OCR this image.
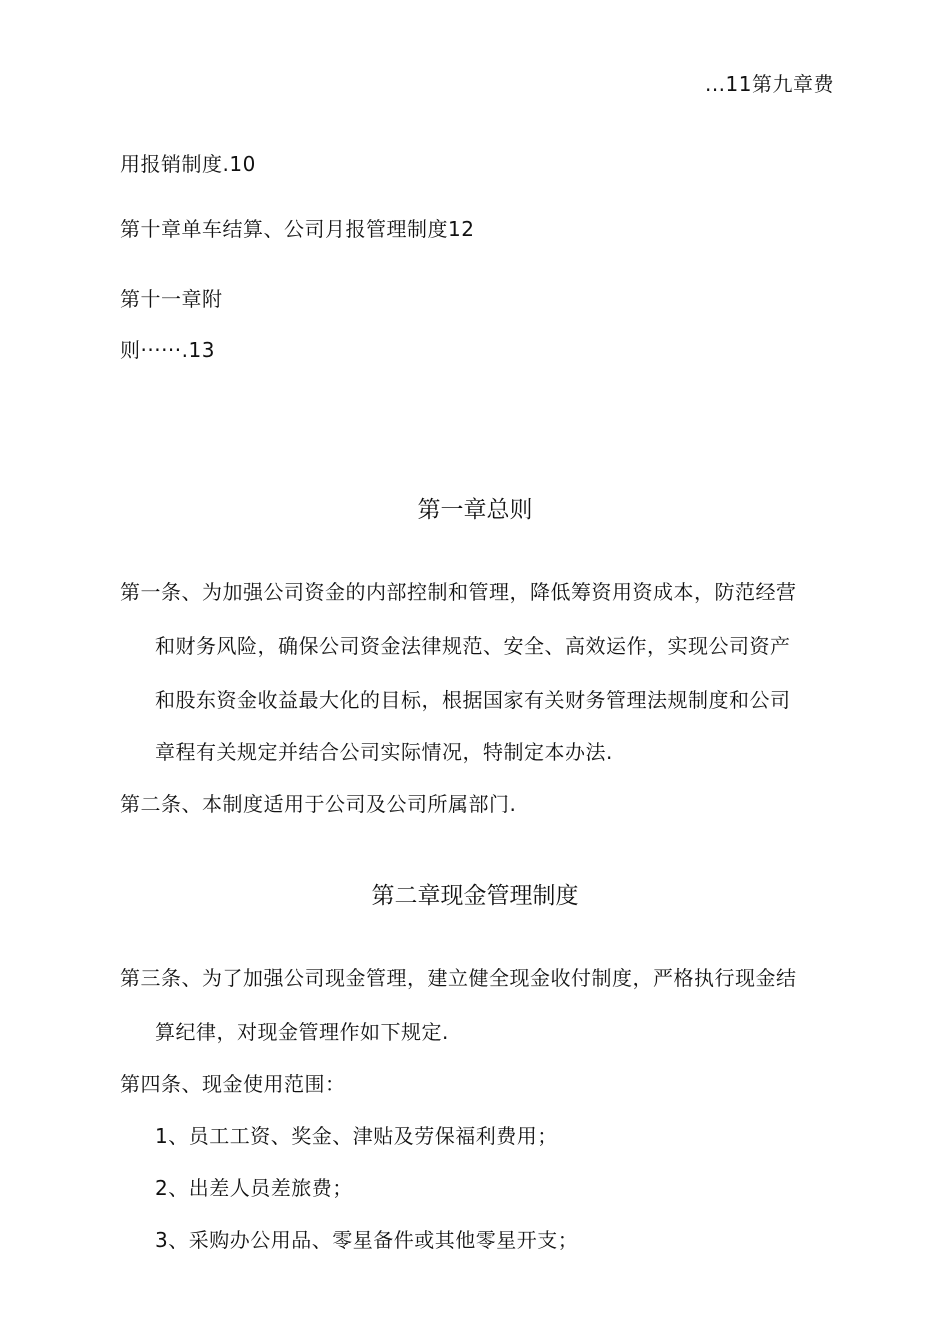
...11第九章费
用报销制度.10
第十章单车结算、公司月报管理制度12
第十一章附
则······.13
第一章总则
第一条、为加强公司资金的内部控制和管理，降低筹资用资成本，防范经营
和财务风险，确保公司资金法律规范、安全、高效运作，实现公司资产
和股东资金收益最大化的目标，根据国家有关财务管理法规制度和公司
章程有关规定并结合公司实际情况，特制定本办法.
第二条、本制度适用于公司及公司所属部门.
第二章现金管理制度
第三条、为了加强公司现金管理，建立健全现金收付制度，严格执行现金结
算纪律，对现金管理作如下规定.
第四条、现金使用范围：
1、员工工资、奖金、津贴及劳保福利费用；
2、出差人员差旅费；
3、采购办公用品、零星备件或其他零星开支；
